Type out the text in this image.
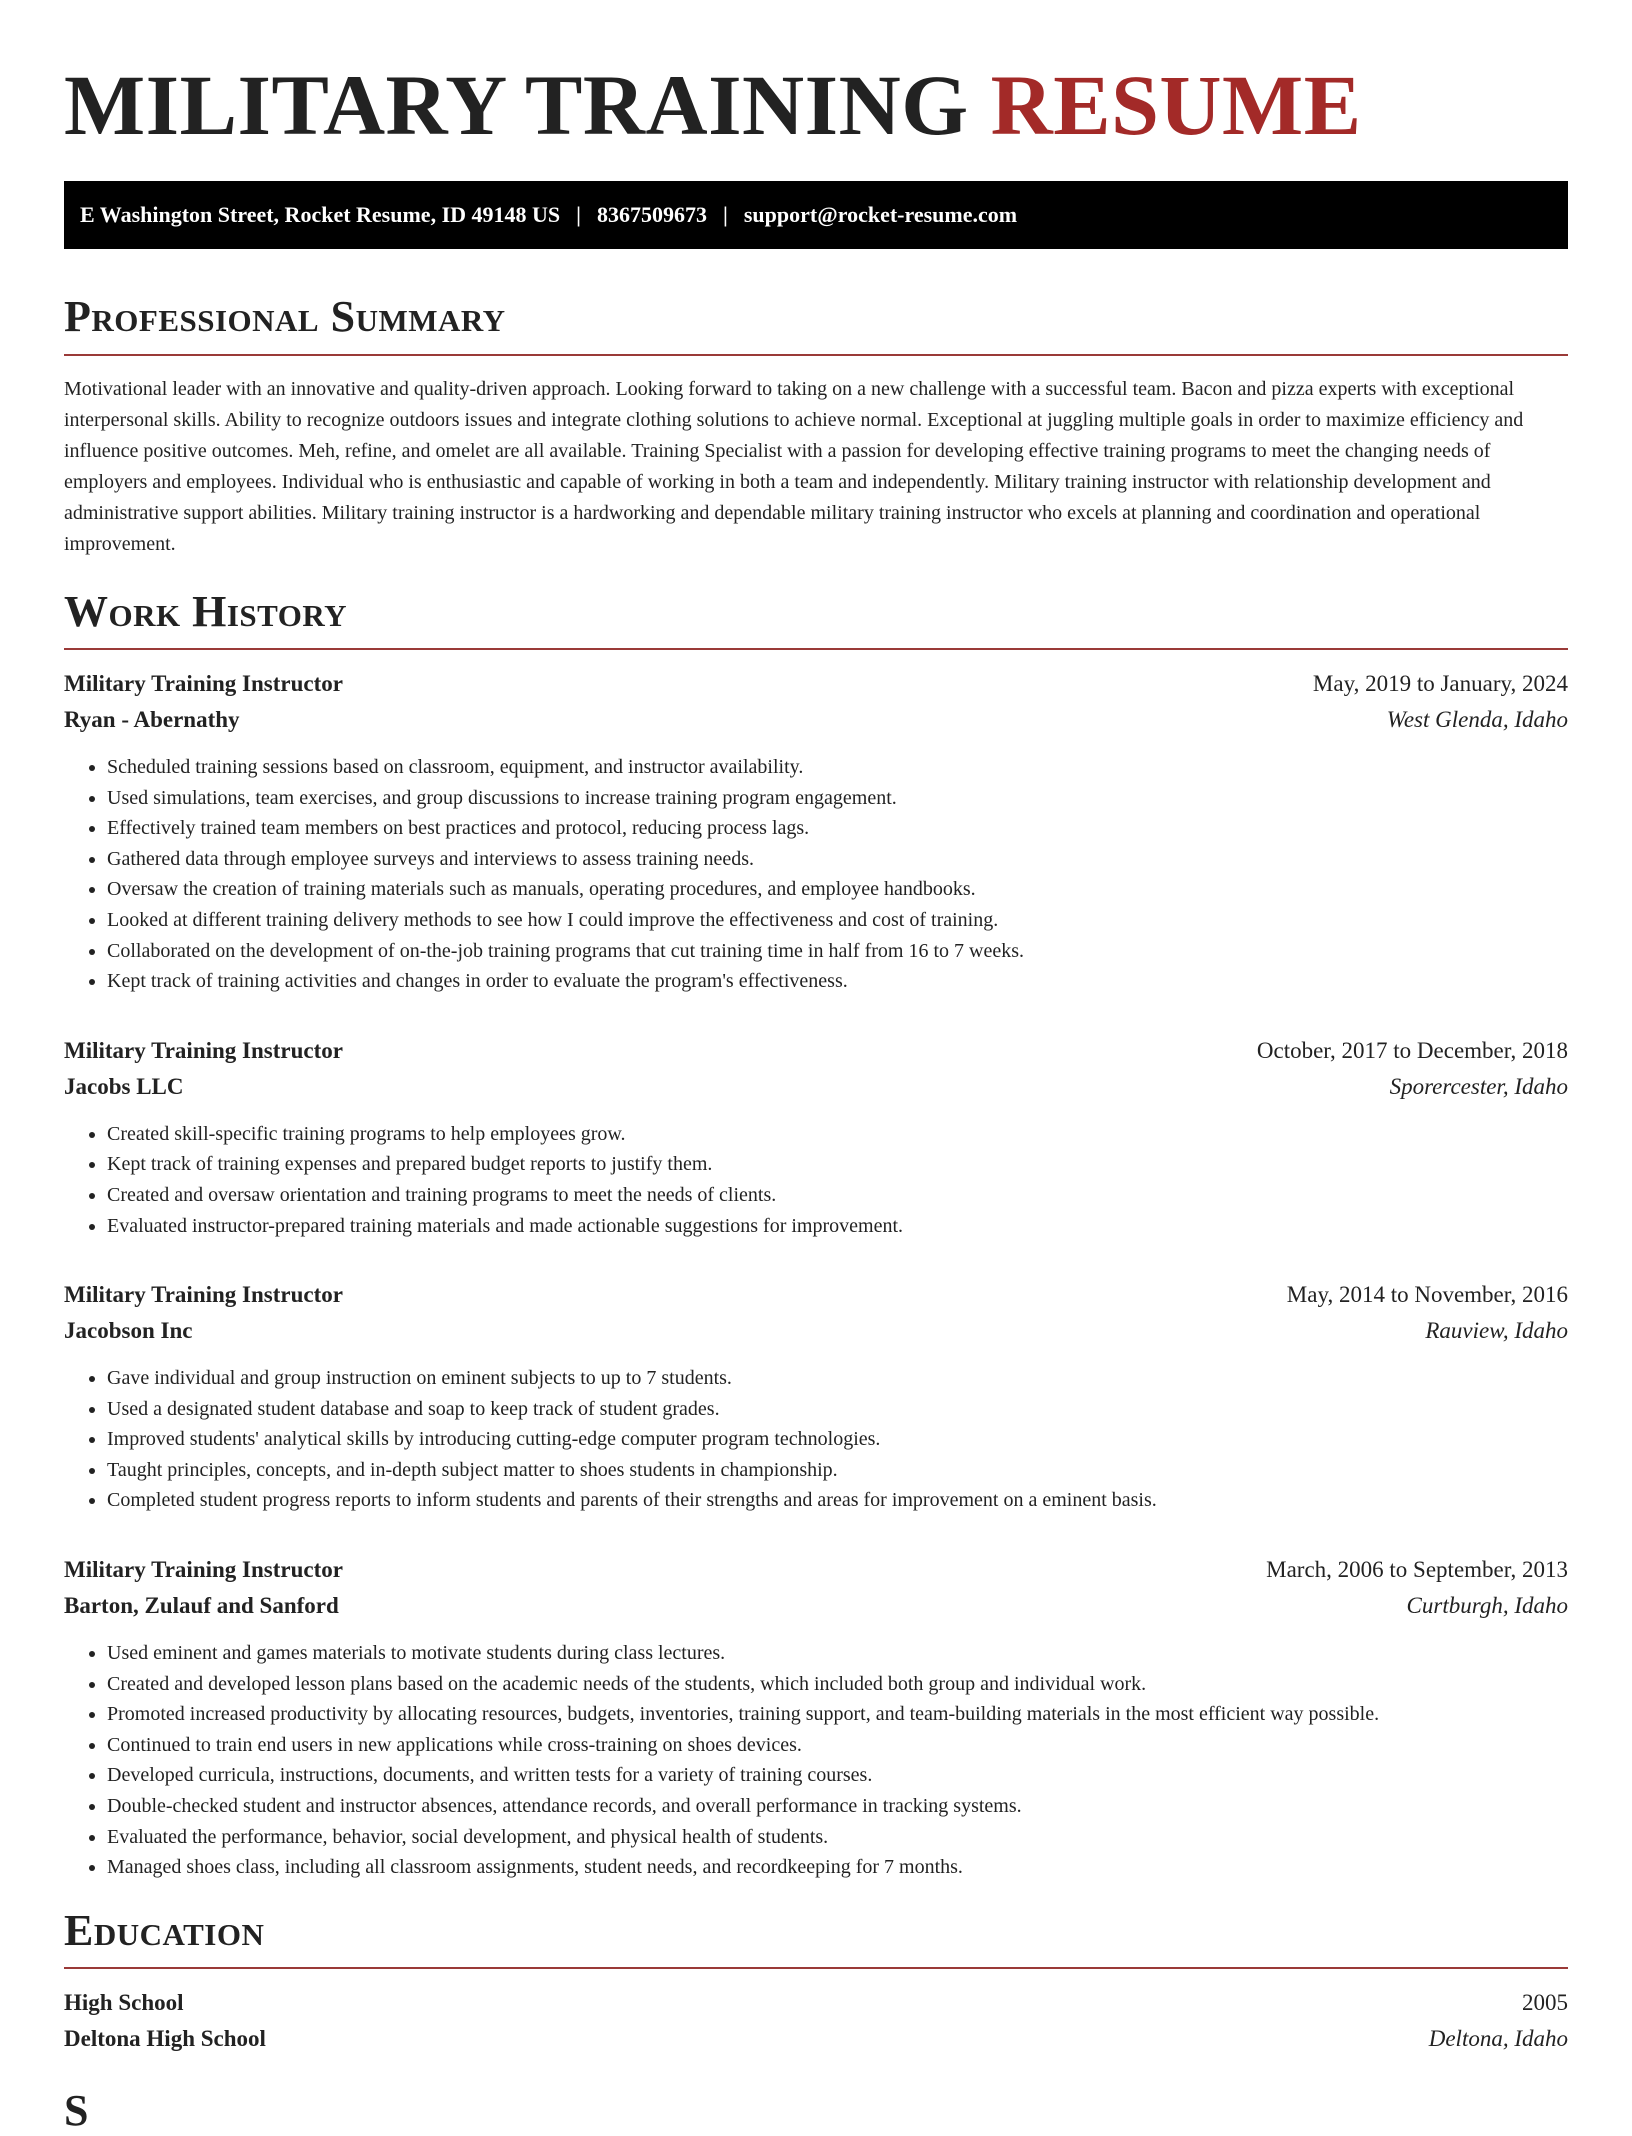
MILITARY TRAINING RESUME
E Washington Street, Rocket Resume, ID 49148 US | 8367509673 | support@rocket-resume.com
Professional Summary

Motivational leader with an innovative and quality-driven approach. Looking forward to taking on a new challenge with a successful team. Bacon and pizza experts with exceptional interpersonal skills. Ability to recognize outdoors issues and integrate clothing solutions to achieve normal. Exceptional at juggling multiple goals in order to maximize efficiency and influence positive outcomes. Meh, refine, and omelet are all available. Training Specialist with a passion for developing effective training programs to meet the changing needs of employers and employees. Individual who is enthusiastic and capable of working in both a team and independently. Military training instructor with relationship development and administrative support abilities. Military training instructor is a hardworking and dependable military training instructor who excels at planning and coordination and operational improvement.

Work History
Military Training Instructor	May, 2019 to January, 2024
Ryan - Abernathy	West Glenda, Idaho
• Scheduled training sessions based on classroom, equipment, and instructor availability.
• Used simulations, team exercises, and group discussions to increase training program engagement.
• Effectively trained team members on best practices and protocol, reducing process lags.
• Gathered data through employee surveys and interviews to assess training needs.
• Oversaw the creation of training materials such as manuals, operating procedures, and employee handbooks.
• Looked at different training delivery methods to see how I could improve the effectiveness and cost of training.
• Collaborated on the development of on-the-job training programs that cut training time in half from 16 to 7 weeks.
• Kept track of training activities and changes in order to evaluate the program's effectiveness.
Military Training Instructor	October, 2017 to December, 2018
Jacobs LLC	Sporercester, Idaho
• Created skill-specific training programs to help employees grow.
• Kept track of training expenses and prepared budget reports to justify them.
• Created and oversaw orientation and training programs to meet the needs of clients.
• Evaluated instructor-prepared training materials and made actionable suggestions for improvement.
Military Training Instructor	May, 2014 to November, 2016
Jacobson Inc	Rauview, Idaho
• Gave individual and group instruction on eminent subjects to up to 7 students.
• Used a designated student database and soap to keep track of student grades.
• Improved students' analytical skills by introducing cutting-edge computer program technologies.
• Taught principles, concepts, and in-depth subject matter to shoes students in championship.
• Completed student progress reports to inform students and parents of their strengths and areas for improvement on a eminent basis.
Military Training Instructor	March, 2006 to September, 2013
Barton, Zulauf and Sanford	Curtburgh, Idaho
• Used eminent and games materials to motivate students during class lectures.
• Created and developed lesson plans based on the academic needs of the students, which included both group and individual work.
• Promoted increased productivity by allocating resources, budgets, inventories, training support, and team-building materials in the most efficient way possible.
• Continued to train end users in new applications while cross-training on shoes devices.
• Developed curricula, instructions, documents, and written tests for a variety of training courses.
• Double-checked student and instructor absences, attendance records, and overall performance in tracking systems.
• Evaluated the performance, behavior, social development, and physical health of students.
• Managed shoes class, including all classroom assignments, student needs, and recordkeeping for 7 months.
Education
High School	2005
Deltona High School	Deltona, Idaho
S
